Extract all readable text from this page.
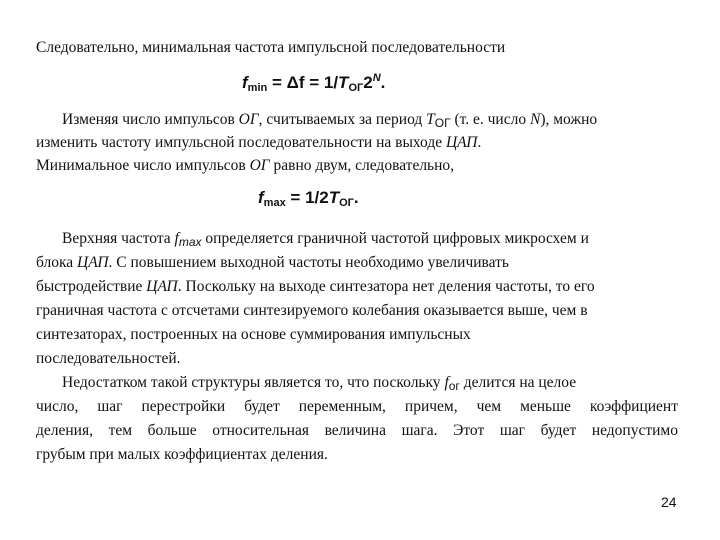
Следовательно, минимальная частота импульсной последовательности
$f_{min} = \Delta f = 1/T_{ОГ}2^N$.
Изменяя число импульсов ОГ, считываемых за период TОГ (т. е. число N), можно
изменить частоту импульсной последовательности на выходе ЦАП.
Минимальное число импульсов ОГ равно двум, следовательно,
$f_{max} = 1/2T_{ОГ}$.
Верхняя частота fmax определяется граничной частотой цифровых микросхем и
блока ЦАП. С повышением выходной частоты необходимо увеличивать
быстродействие ЦАП. Поскольку на выходе синтезатора нет деления частоты, то его
граничная частота с отсчетами синтезируемого колебания оказывается выше, чем в
синтезаторах, построенных на основе суммирования импульсных
последовательностей.
Недостатком такой структуры является то, что поскольку fог делится на целое
число, шаг перестройки будет переменным, причем, чем меньше коэффициент
деления, тем больше относительная величина шага. Этот шаг будет недопустимо
грубым при малых коэффициентах деления.
24
